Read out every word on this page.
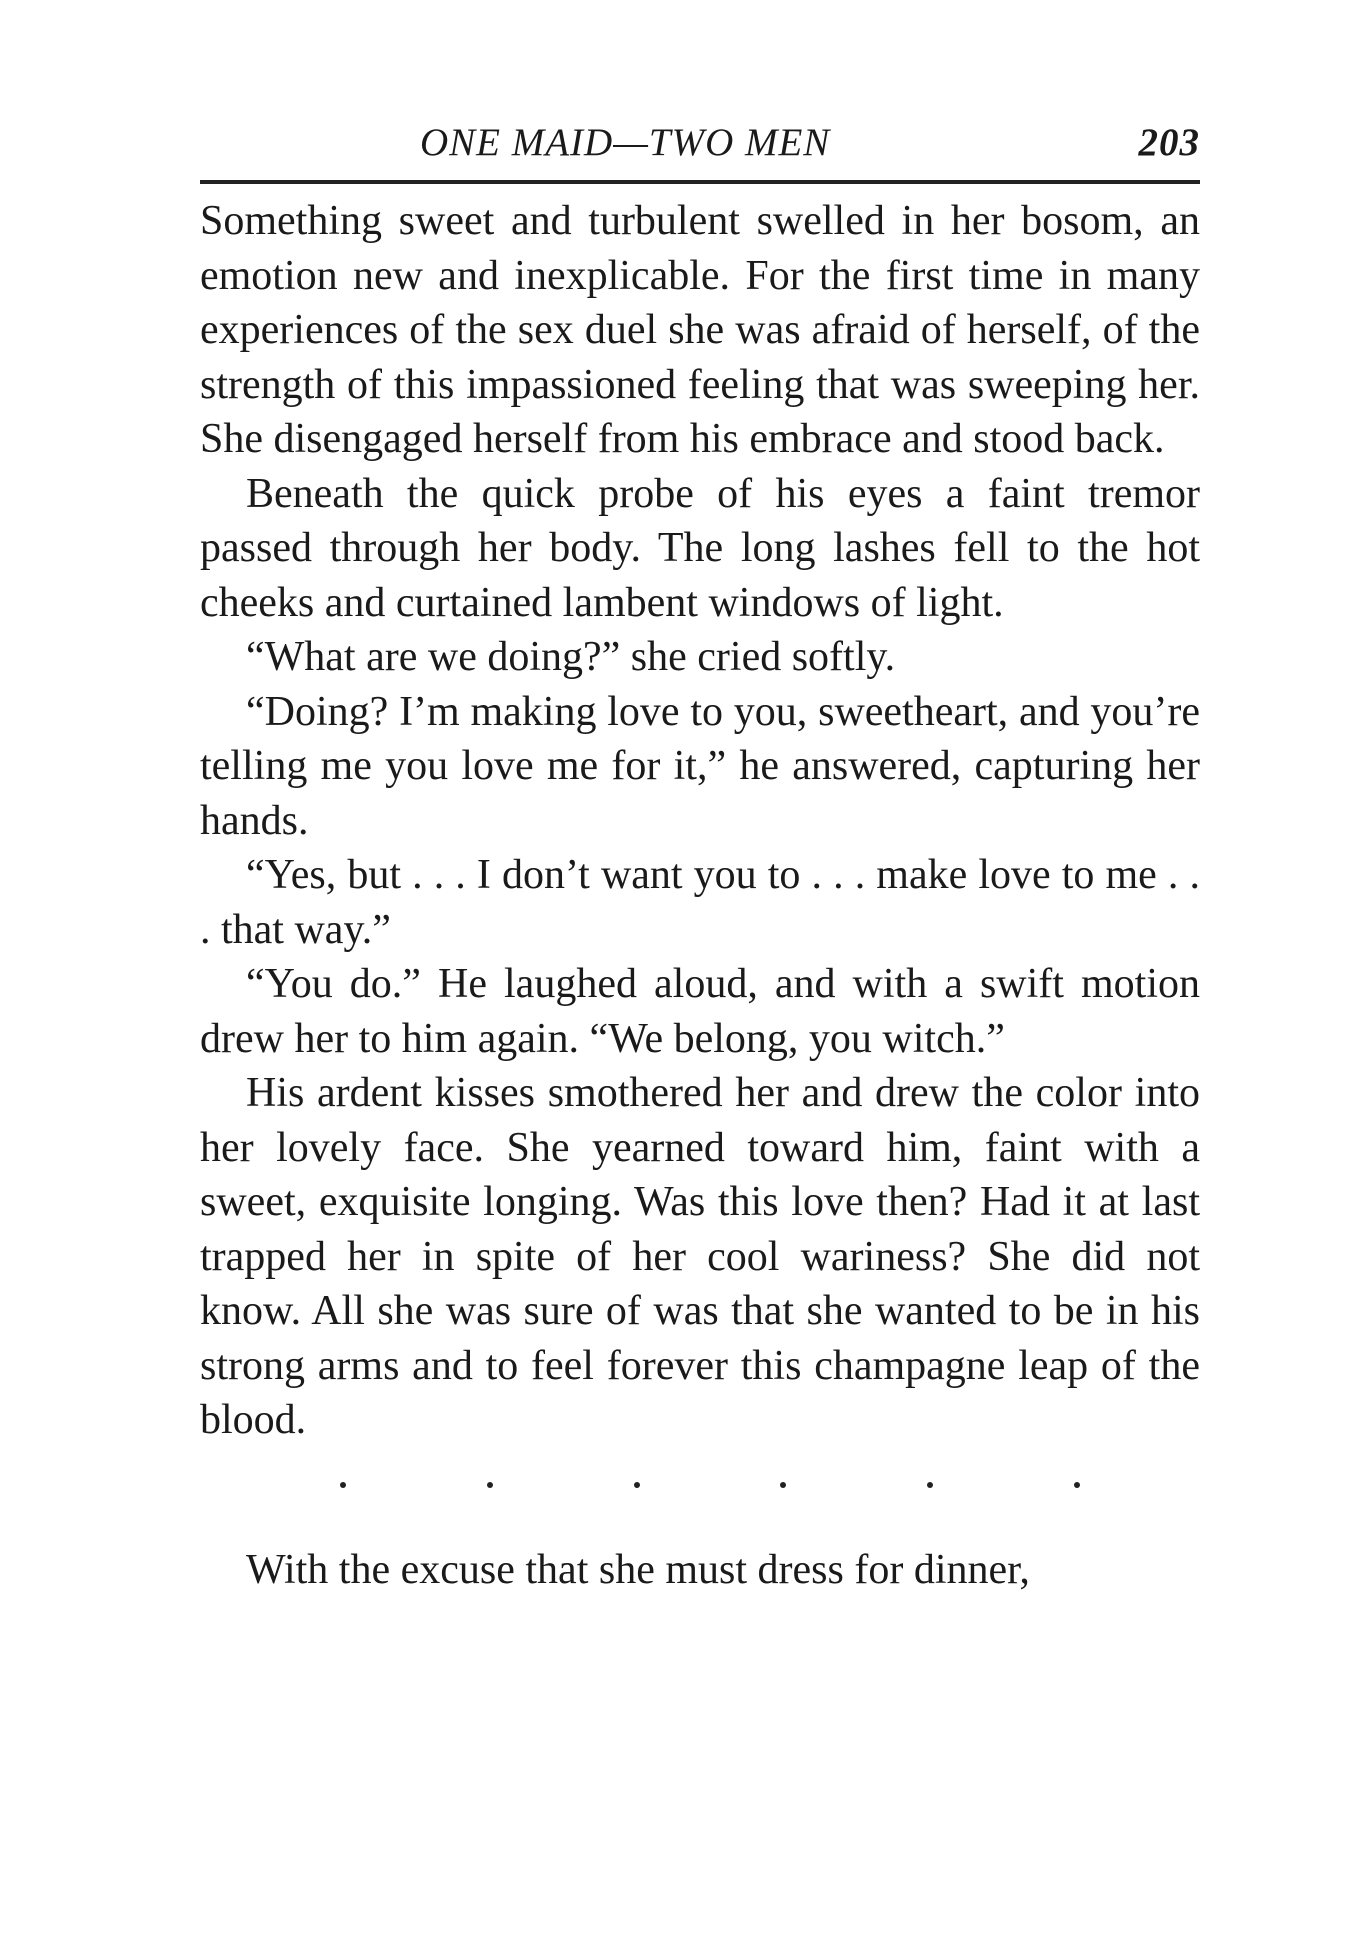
ONE MAID—TWO MEN	203

Something sweet and turbulent swelled in her bosom, an emotion new and inexplicable. For the first time in many experiences of the sex duel she was afraid of herself, of the strength of this impassioned feeling that was sweeping her. She disengaged herself from his embrace and stood back.

Beneath the quick probe of his eyes a faint tremor passed through her body. The long lashes fell to the hot cheeks and curtained lambent windows of light.

“What are we doing?” she cried softly.

“Doing? I’m making love to you, sweetheart, and you’re telling me you love me for it,” he answered, capturing her hands.

“Yes, but . . . I don’t want you to . . . make love to me . . . that way.”

“You do.” He laughed aloud, and with a swift motion drew her to him again. “We belong, you witch.”

His ardent kisses smothered her and drew the color into her lovely face. She yearned toward him, faint with a sweet, exquisite longing. Was this love then? Had it at last trapped her in spite of her cool wariness? She did not know. All she was sure of was that she wanted to be in his strong arms and to feel forever this champagne leap of the blood.

With the excuse that she must dress for dinner,
